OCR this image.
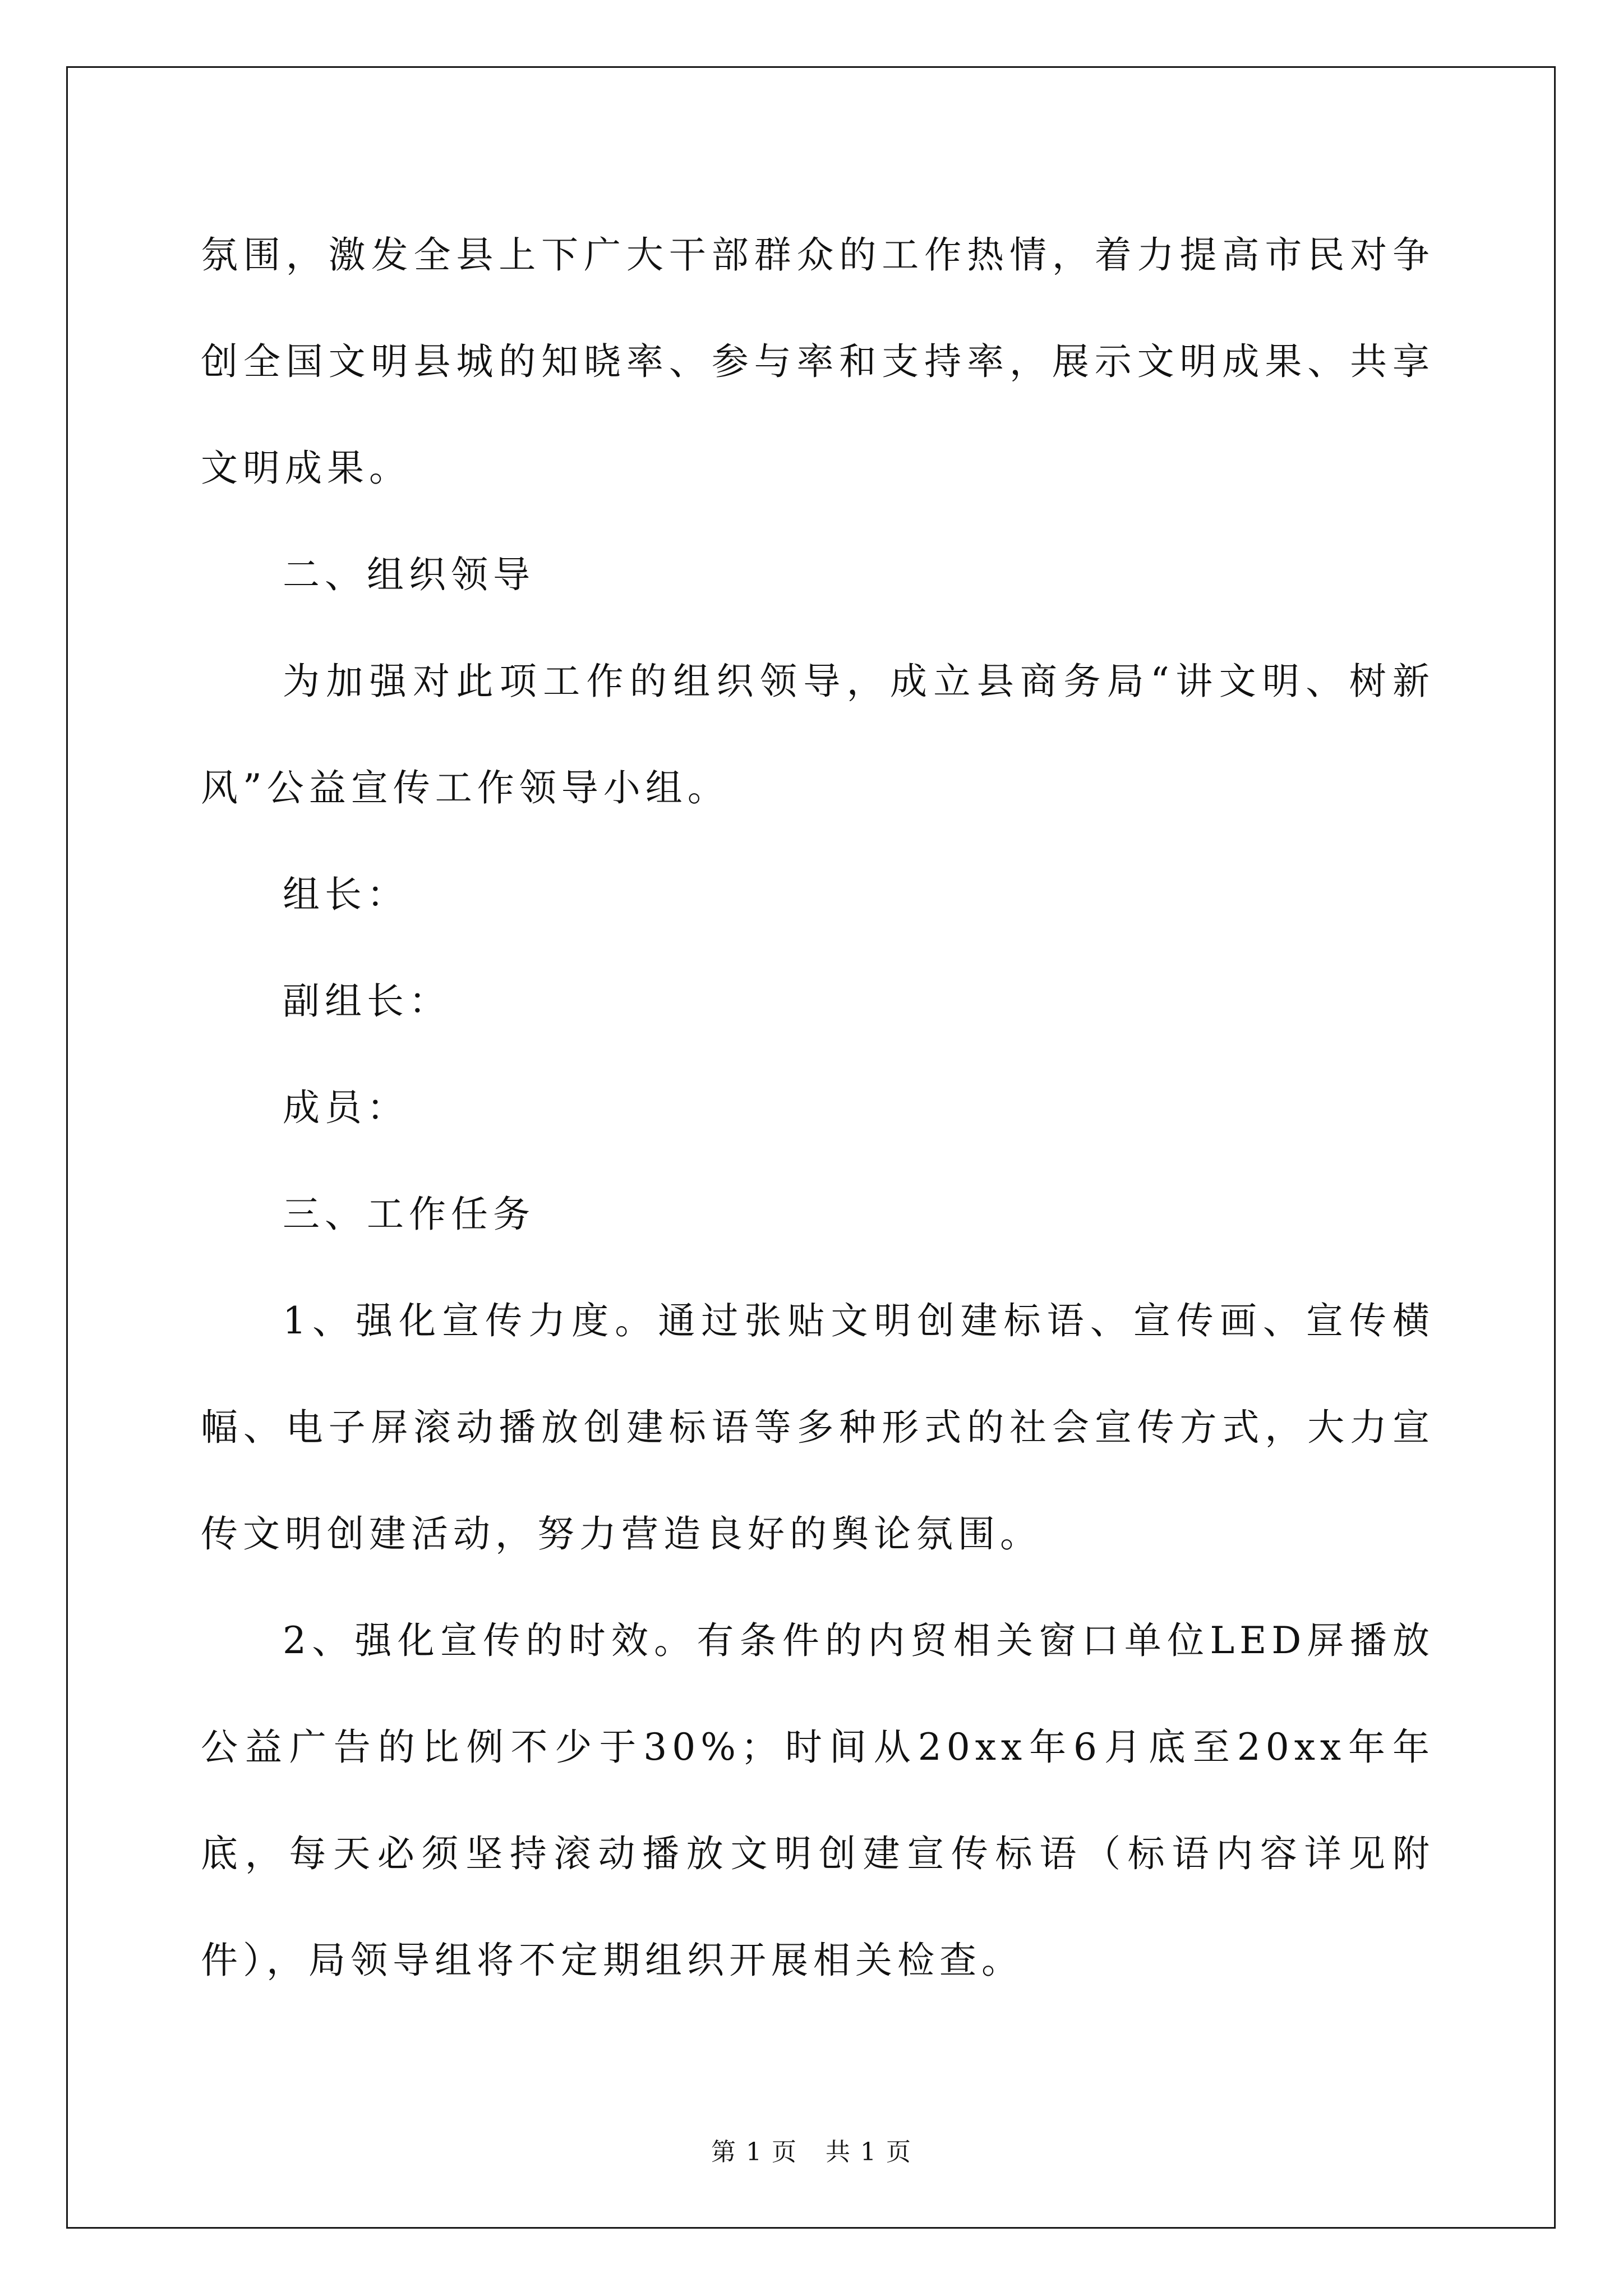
氛围，激发全县上下广大干部群众的工作热情，着力提高市民对争创全国文明县城的知晓率、参与率和支持率，展示文明成果、共享文明成果。

二、组织领导

为加强对此项工作的组织领导，成立县商务局“讲文明、树新风”公益宣传工作领导小组。

组长：

副组长：

成员：

三、工作任务

1、强化宣传力度。通过张贴文明创建标语、宣传画、宣传横幅、电子屏滚动播放创建标语等多种形式的社会宣传方式，大力宣传文明创建活动，努力营造良好的舆论氛围。

2、强化宣传的时效。有条件的内贸相关窗口单位LED屏播放公益广告的比例不少于30%；时间从20xx年6月底至20xx年年底，每天必须坚持滚动播放文明创建宣传标语（标语内容详见附件），局领导组将不定期组织开展相关检查。

第 1 页 共 1 页
